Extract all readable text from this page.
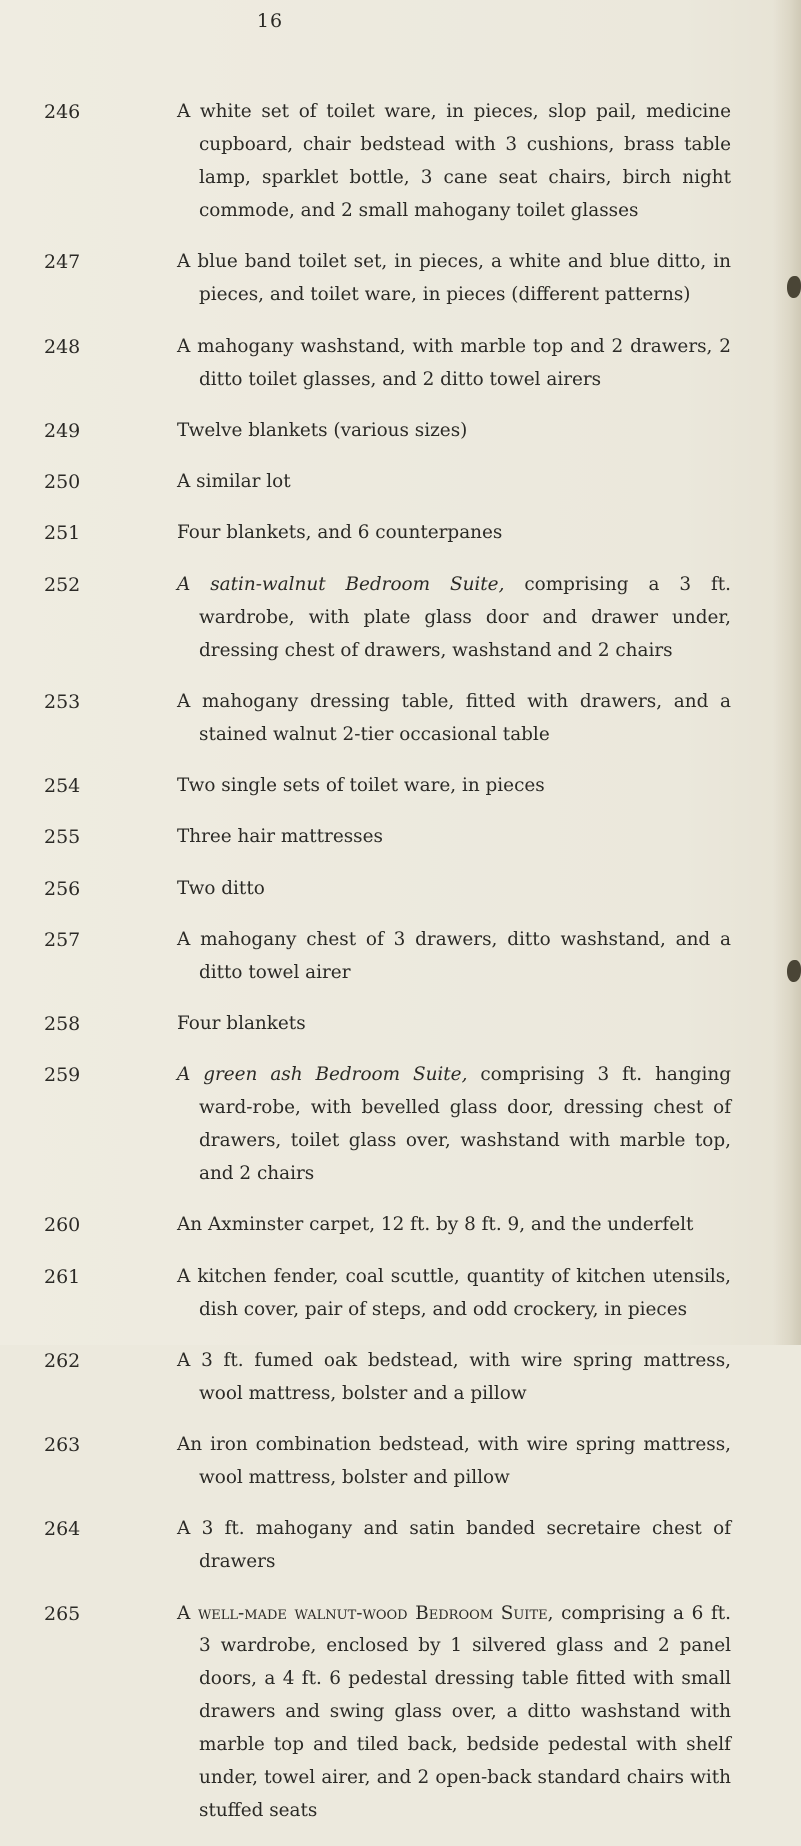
16
246	A white set of toilet ware, in pieces, slop pail, medicine cupboard, chair bedstead with 3 cushions, brass table lamp, sparklet bottle, 3 cane seat chairs, birch night commode, and 2 small mahogany toilet glasses

247	A blue band toilet set, in pieces, a white and blue ditto, in pieces, and toilet ware, in pieces (different patterns)

248	A mahogany washstand, with marble top and 2 drawers, 2 ditto toilet glasses, and 2 ditto towel airers

249	Twelve blankets (various sizes)

250	A similar lot

251	Four blankets, and 6 counterpanes

252	A satin-walnut Bedroom Suite, comprising a 3 ft. wardrobe, with plate glass door and drawer under, dressing chest of drawers, washstand and 2 chairs

253	A mahogany dressing table, fitted with drawers, and a stained walnut 2-tier occasional table

254	Two single sets of toilet ware, in pieces

255	Three hair mattresses

256	Two ditto

257	A mahogany chest of 3 drawers, ditto washstand, and a ditto towel airer

258	Four blankets

259	A green ash Bedroom Suite, comprising 3 ft. hanging ward-robe, with bevelled glass door, dressing chest of drawers, toilet glass over, washstand with marble top, and 2 chairs

260	An Axminster carpet, 12 ft. by 8 ft. 9, and the underfelt

261	A kitchen fender, coal scuttle, quantity of kitchen utensils, dish cover, pair of steps, and odd crockery, in pieces

262	A 3 ft. fumed oak bedstead, with wire spring mattress, wool mattress, bolster and a pillow

263	An iron combination bedstead, with wire spring mattress, wool mattress, bolster and pillow

264	A 3 ft. mahogany and satin banded secretaire chest of drawers

265	A well-made walnut-wood Bedroom Suite, comprising a 6 ft. 3 wardrobe, enclosed by 1 silvered glass and 2 panel doors, a 4 ft. 6 pedestal dressing table fitted with small drawers and swing glass over, a ditto washstand with marble top and tiled back, bedside pedestal with shelf under, towel airer, and 2 open-back standard chairs with stuffed seats
